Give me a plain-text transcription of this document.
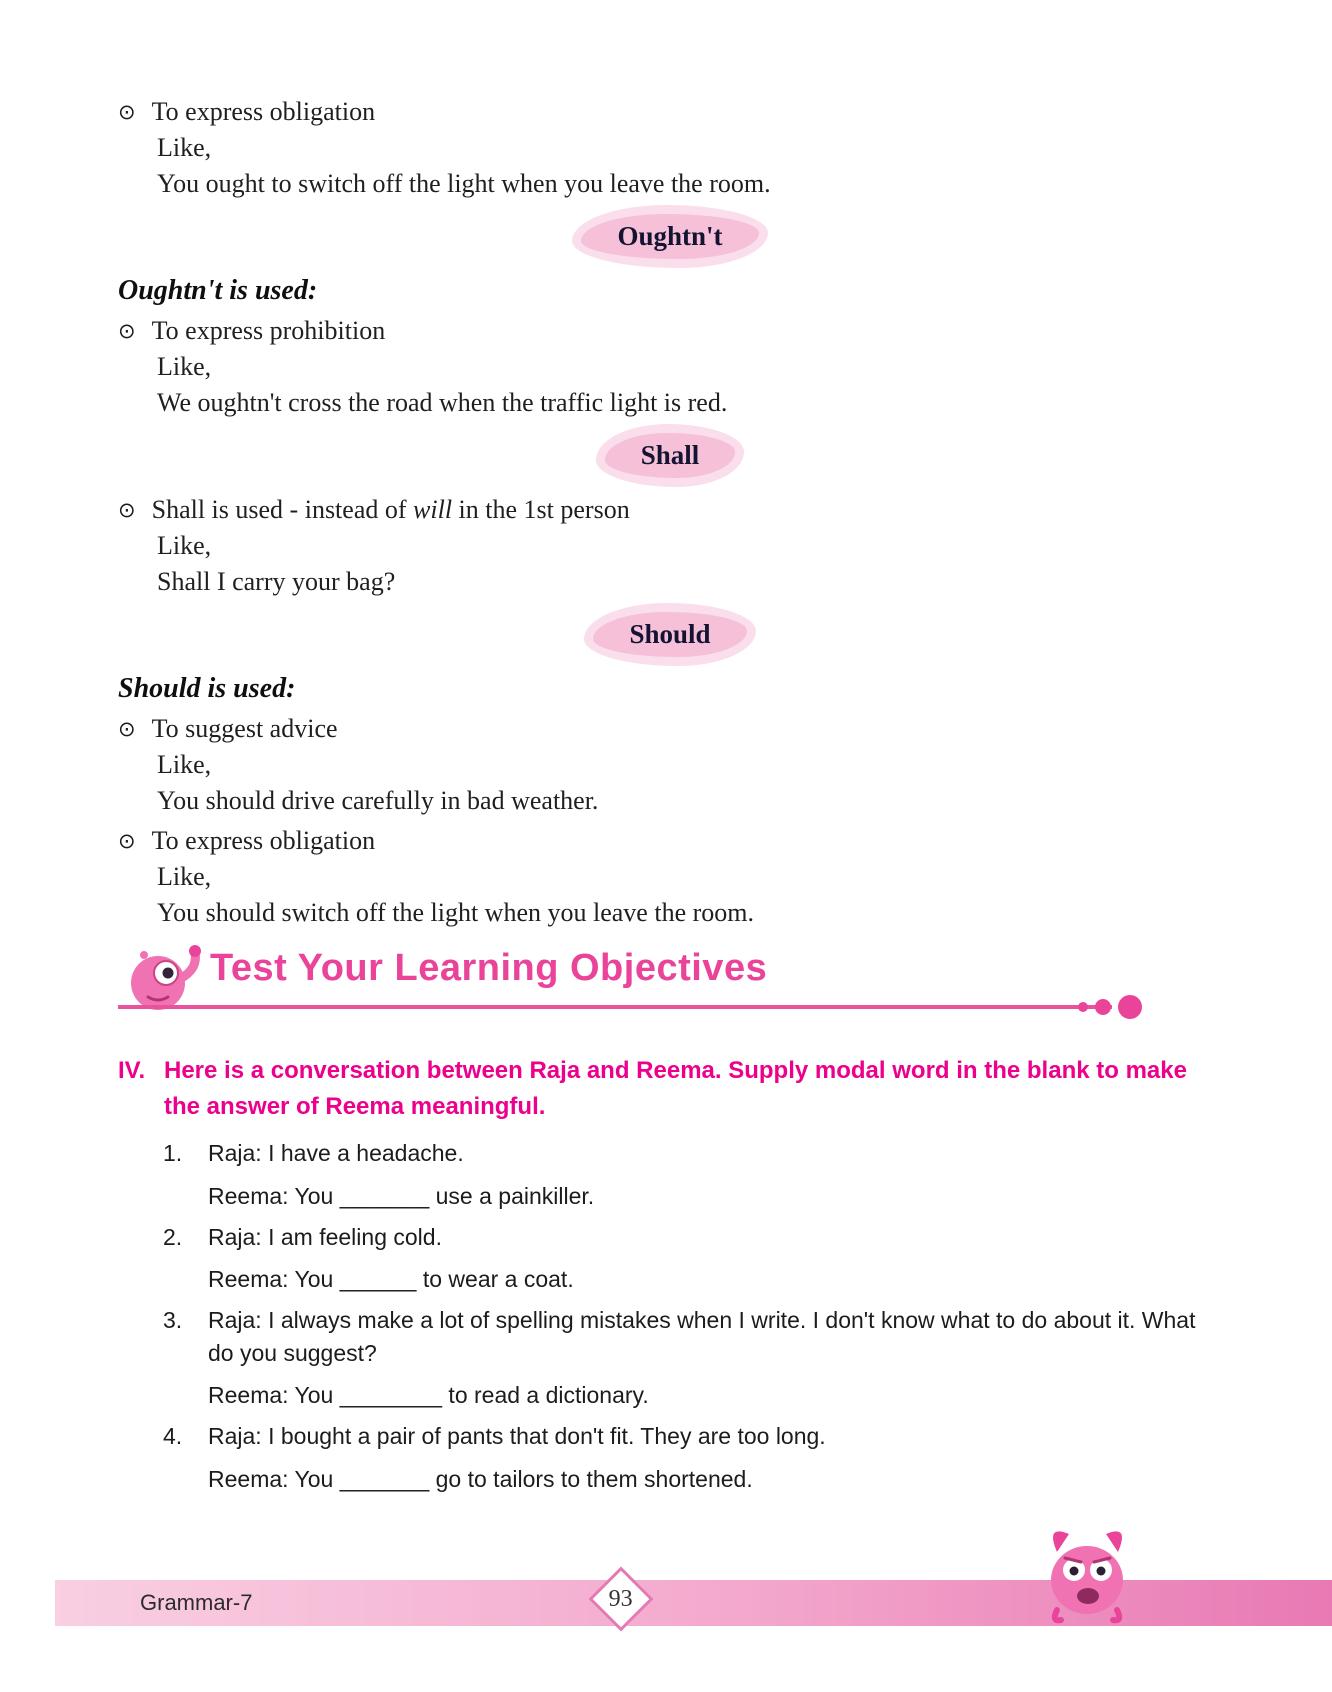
⊙ To express obligation
Like,
You ought to switch off the light when you leave the room.
Oughtn't
Oughtn't is used:
⊙ To express prohibition
Like,
We oughtn't cross the road when the traffic light is red.
Shall
⊙ Shall is used - instead of will in the 1st person
Like,
Shall I carry your bag?
Should
Should is used:
⊙ To suggest advice
Like,
You should drive carefully in bad weather.
⊙ To express obligation
Like,
You should switch off the light when you leave the room.
Test Your Learning Objectives
IV. Here is a conversation between Raja and Reema. Supply modal word in the blank to make the answer of Reema meaningful.
1.	Raja: I have a headache.
Reema: You _______ use a painkiller.
2.	Raja: I am feeling cold.
Reema: You ______ to wear a coat.
3.	Raja: I always make a lot of spelling mistakes when I write. I don't know what to do about it. What do you suggest?
Reema: You ________ to read a dictionary.
4.	Raja: I bought a pair of pants that don't fit. They are too long.
Reema: You _______ go to tailors to them shortened.
Grammar-7	93
